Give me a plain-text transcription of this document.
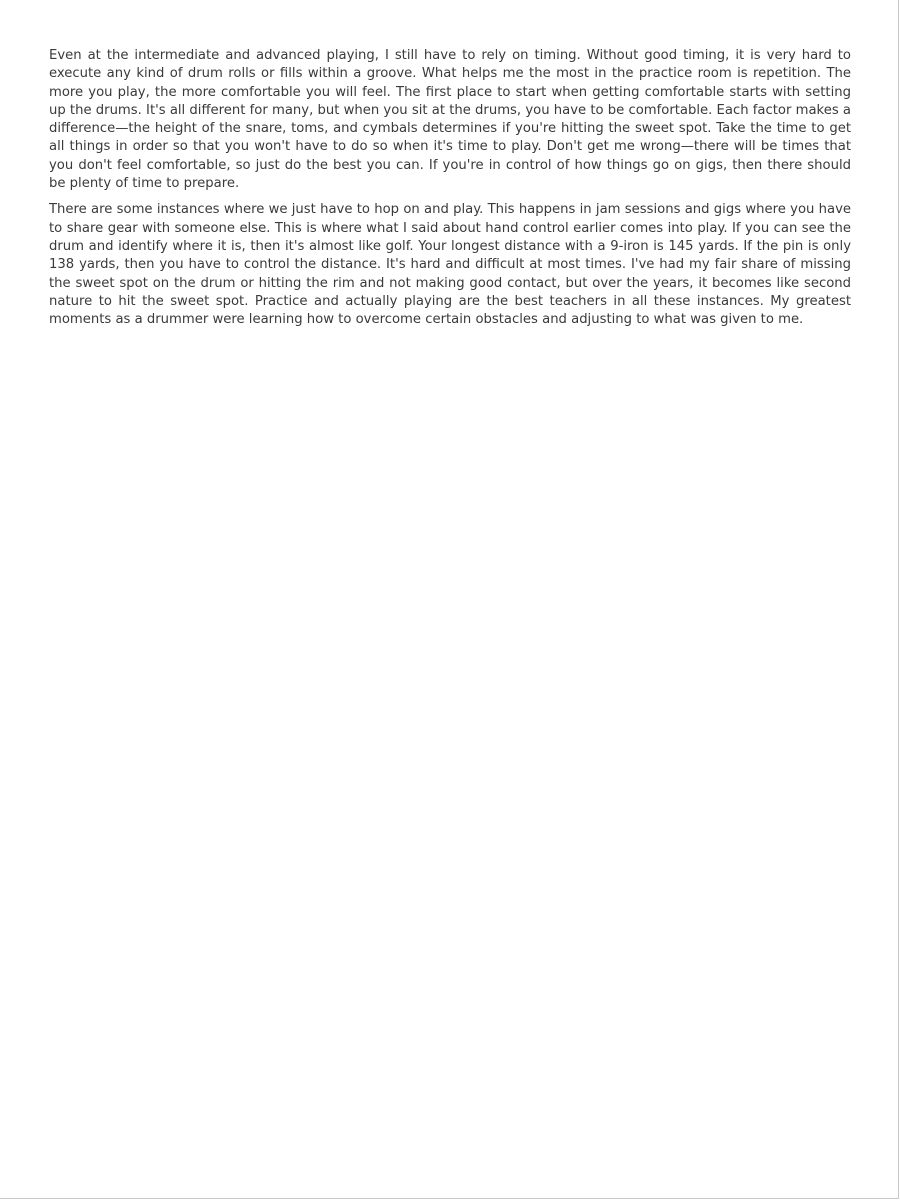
Even at the intermediate and advanced playing, I still have to rely on timing. Without good timing, it is very hard to execute any kind of drum rolls or fills within a groove. What helps me the most in the practice room is repetition. The more you play, the more comfortable you will feel. The first place to start when getting comfortable starts with setting up the drums. It's all different for many, but when you sit at the drums, you have to be comfortable. Each factor makes a difference—the height of the snare, toms, and cymbals determines if you're hitting the sweet spot. Take the time to get all things in order so that you won't have to do so when it's time to play. Don't get me wrong—there will be times that you don't feel comfortable, so just do the best you can. If you're in control of how things go on gigs, then there should be plenty of time to prepare.

There are some instances where we just have to hop on and play. This happens in jam sessions and gigs where you have to share gear with someone else. This is where what I said about hand control earlier comes into play. If you can see the drum and identify where it is, then it's almost like golf. Your longest distance with a 9-iron is 145 yards. If the pin is only 138 yards, then you have to control the distance. It's hard and difficult at most times. I've had my fair share of missing the sweet spot on the drum or hitting the rim and not making good contact, but over the years, it becomes like second nature to hit the sweet spot. Practice and actually playing are the best teachers in all these instances. My greatest moments as a drummer were learning how to overcome certain obstacles and adjusting to what was given to me.
